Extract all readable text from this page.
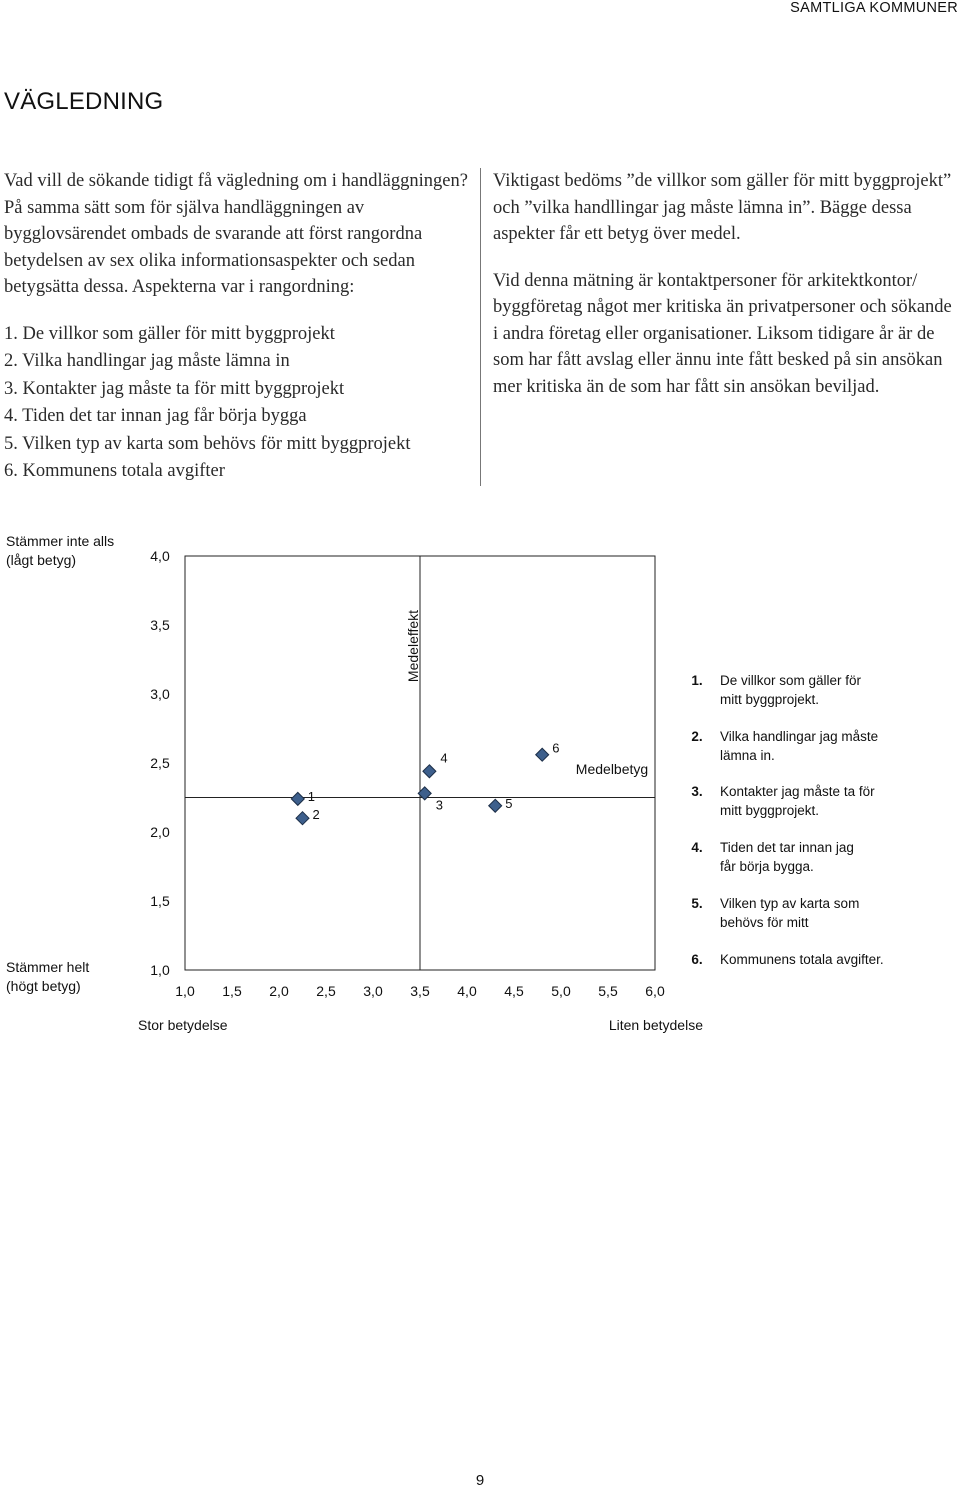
SAMTLIGA KOMMUNER
VÄGLEDNING

Vad vill de sökande tidigt få vägledning om i handläggningen? På samma sätt som för själva handläggningen av bygglovsärendet ombads de svarande att först rangordna betydelsen av sex olika informationsaspekter och sedan betygsätta dessa. Aspekterna var i rangordning:

1. De villkor som gäller för mitt byggprojekt
2. Vilka handlingar jag måste lämna in
3. Kontakter jag måste ta för mitt byggprojekt
4. Tiden det tar innan jag får börja bygga
5. Vilken typ av karta som behövs för mitt byggprojekt
6. Kommunens totala avgifter

Viktigast bedöms ”de villkor som gäller för mitt byggprojekt” och ”vilka handllingar jag måste lämna in”. Bägge dessa aspekter får ett betyg över medel.

Vid denna mätning är kontaktpersoner för arkitektkontor/ byggföretag något mer kritiska än privatpersoner och sökande i andra företag eller organisationer. Liksom tidigare år är de som har fått avslag eller ännu inte fått besked på sin ansökan mer kritiska än de som har fått sin ansökan beviljad.

Medeleffekt
Medelbetyg
4,0
3,5
3,0
2,5
2,0
1,5
1,0
1,0 1,5 2,0 2,5 3,0 3,5 4,0 4,5 5,0 5,5 6,0
Stämmer inte alls
(lågt betyg)
Stämmer helt
(högt betyg)
Stor betydelse	Liten betydelse
1
2
3
4
5
6
1. De villkor som gäller för
mitt byggprojekt.
2. Vilka handlingar jag måste
lämna in.
3. Kontakter jag måste ta för
mitt byggprojekt.
4. Tiden det tar innan jag
får börja bygga.
5. Vilken typ av karta som
behövs för mitt
6. Kommunens totala avgifter.
9
